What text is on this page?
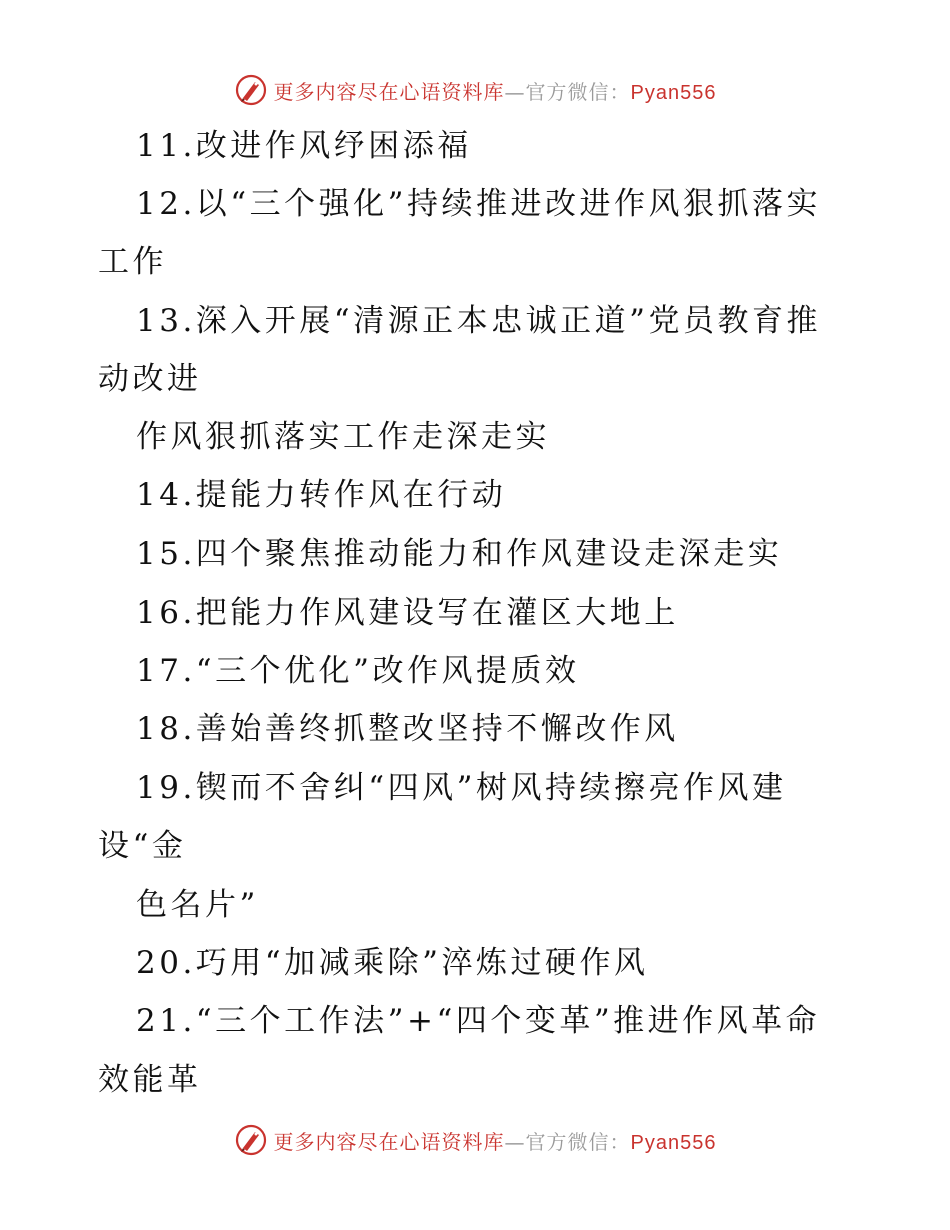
更多内容尽在心语资料库—官方微信：Pyan556
11.改进作风纾困添福
12.以“三个强化”持续推进改进作风狠抓落实
工作
13.深入开展“清源正本忠诚正道”党员教育推
动改进
作风狠抓落实工作走深走实
14.提能力转作风在行动
15.四个聚焦推动能力和作风建设走深走实
16.把能力作风建设写在灌区大地上
17.“三个优化”改作风提质效
18.善始善终抓整改坚持不懈改作风
19.锲而不舍纠“四风”树风持续擦亮作风建
设“金
色名片”
20.巧用“加减乘除”淬炼过硬作风
21.“三个工作法”+“四个变革”推进作风革命
效能革
更多内容尽在心语资料库—官方微信：Pyan556
